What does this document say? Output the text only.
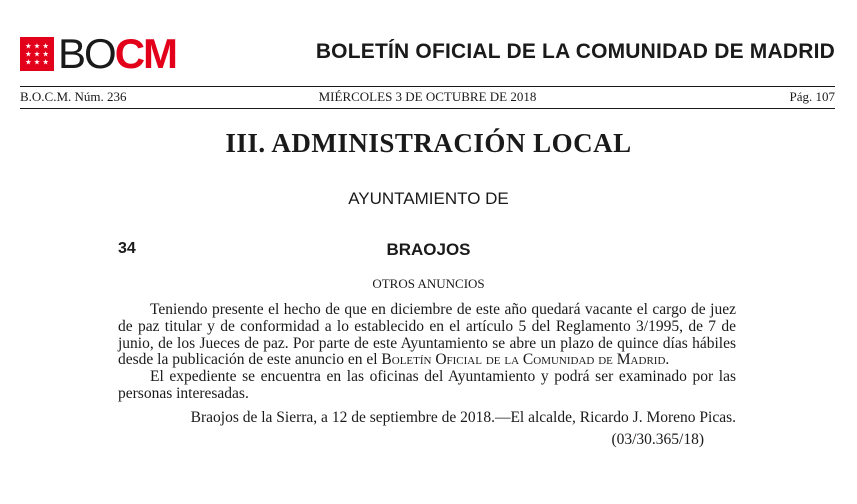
BOCM	BOLETÍN OFICIAL DE LA COMUNIDAD DE MADRID
B.O.C.M. Núm. 236	MIÉRCOLES 3 DE OCTUBRE DE 2018	Pág. 107
III. ADMINISTRACIÓN LOCAL
AYUNTAMIENTO DE
34	BRAOJOS
OTROS ANUNCIOS

Teniendo presente el hecho de que en diciembre de este año quedará vacante el cargo de juez de paz titular y de conformidad a lo establecido en el artículo 5 del Reglamento 3/1995, de 7 de junio, de los Jueces de paz. Por parte de este Ayuntamiento se abre un plazo de quince días hábiles desde la publicación de este anuncio en el Boletín Oficial de la Comunidad de Madrid.

El expediente se encuentra en las oficinas del Ayuntamiento y podrá ser examinado por las personas interesadas.

Braojos de la Sierra, a 12 de septiembre de 2018.—El alcalde, Ricardo J. Moreno Picas.

(03/30.365/18)
